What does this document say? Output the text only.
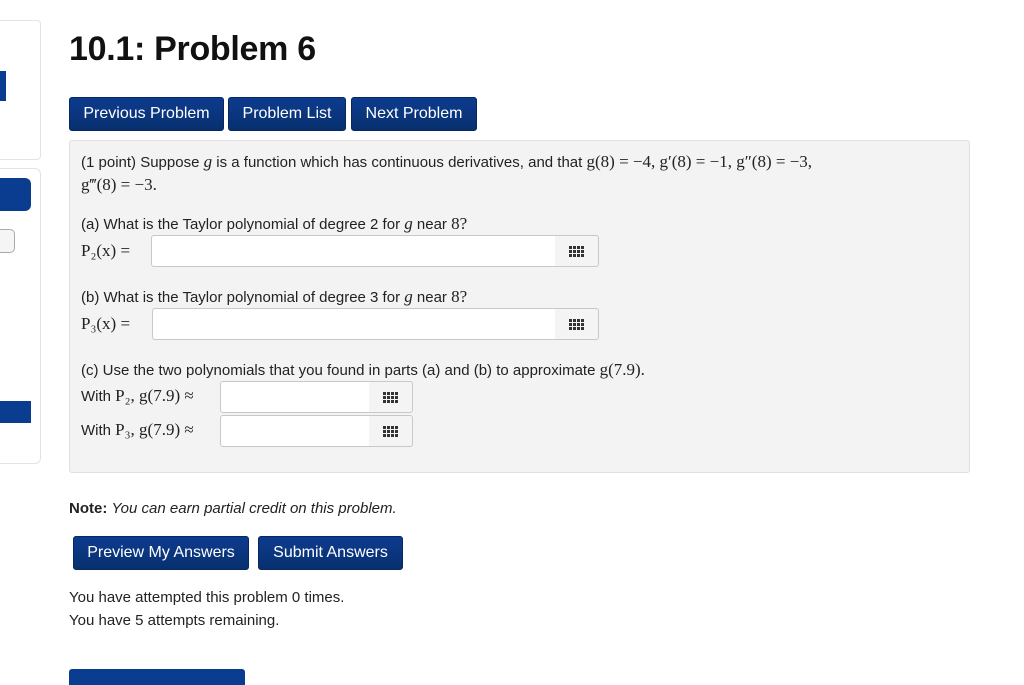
10.1: Problem 6
Previous Problem	Problem List	Next Problem
(1 point) Suppose g is a function which has continuous derivatives, and that g(8) = −4, g′(8) = −1, g″(8) = −3,
g‴(8) = −3.
(a) What is the Taylor polynomial of degree 2 for g near 8?
P₂(x) =
(b) What is the Taylor polynomial of degree 3 for g near 8?
P₃(x) =
(c) Use the two polynomials that you found in parts (a) and (b) to approximate g(7.9).
With P₂, g(7.9) ≈
With P₃, g(7.9) ≈
Note: You can earn partial credit on this problem.
Preview My Answers	Submit Answers
You have attempted this problem 0 times.
You have 5 attempts remaining.
